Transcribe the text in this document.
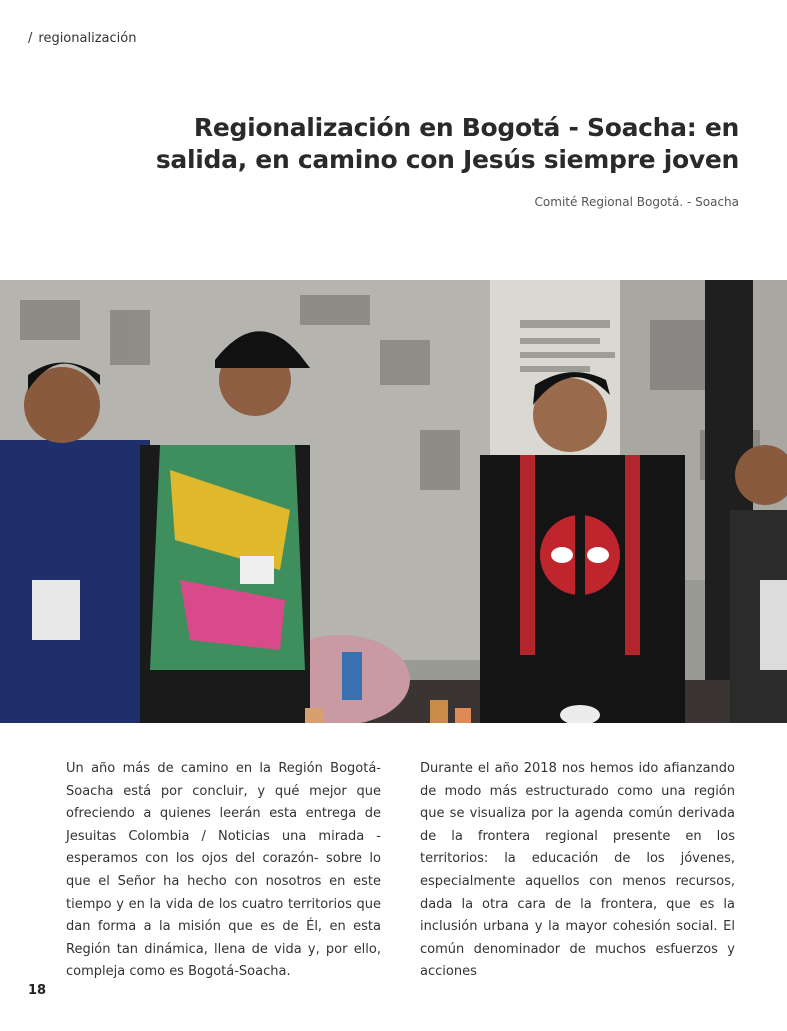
/ regionalización
Regionalización en Bogotá - Soacha: en salida, en camino con Jesús siempre joven
Comité Regional Bogotá. - Soacha

Un año más de camino en la Región Bogotá-Soacha está por concluir, y qué mejor que ofreciendo a quienes leerán esta entrega de Jesuitas Colombia / Noticias una mirada -esperamos con los ojos del corazón- sobre lo que el Señor ha hecho con nosotros en este tiempo y en la vida de los cuatro territorios que dan forma a la misión que es de Él, en esta Región tan dinámica, llena de vida y, por ello, compleja como es Bogotá-Soacha.

Durante el año 2018 nos hemos ido afianzando de modo más estructurado como una región que se visualiza por la agenda común derivada de la frontera regional presente en los territorios: la educación de los jóvenes, especialmente aquellos con menos recursos, dada la otra cara de la frontera, que es la inclusión urbana y la mayor cohesión social. El común denominador de muchos esfuerzos y acciones

18
